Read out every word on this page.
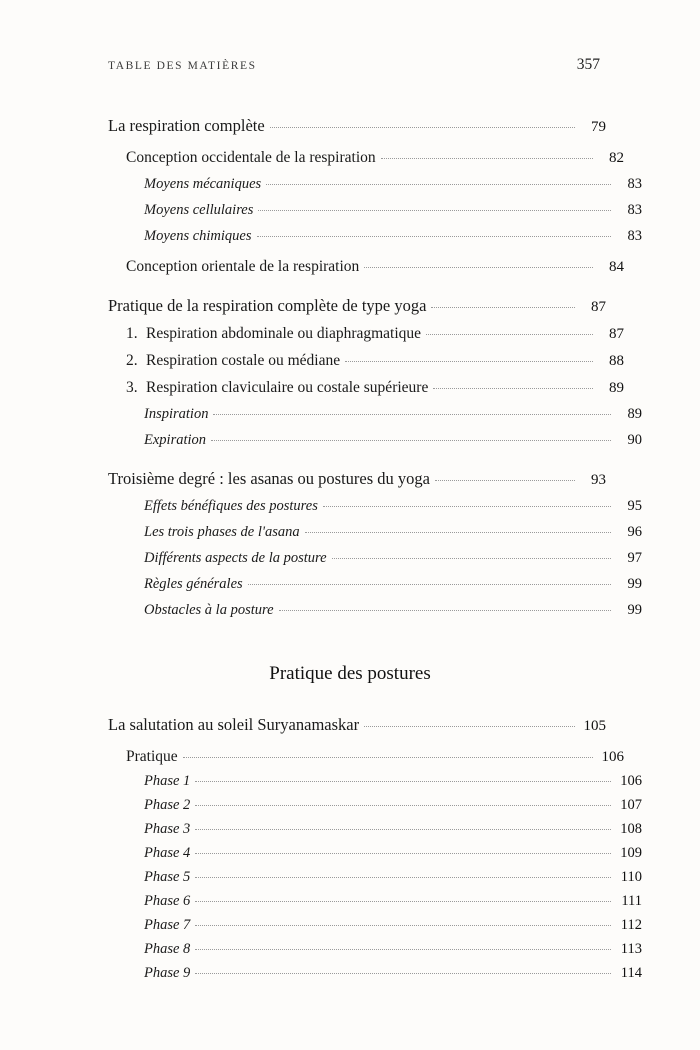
TABLE DES MATIÈRES	357
La respiration complète	79
Conception occidentale de la respiration	82
Moyens mécaniques	83
Moyens cellulaires	83
Moyens chimiques	83
Conception orientale de la respiration	84
Pratique de la respiration complète de type yoga	87
1. Respiration abdominale ou diaphragmatique	87
2. Respiration costale ou médiane	88
3. Respiration claviculaire ou costale supérieure	89
Inspiration	89
Expiration	90
Troisième degré : les asanas ou postures du yoga	93
Effets bénéfiques des postures	95
Les trois phases de l'asana	96
Différents aspects de la posture	97
Règles générales	99
Obstacles à la posture	99
Pratique des postures
La salutation au soleil Suryanamaskar	105
Pratique	106
Phase 1	106
Phase 2	107
Phase 3	108
Phase 4	109
Phase 5	110
Phase 6	111
Phase 7	112
Phase 8	113
Phase 9	114
